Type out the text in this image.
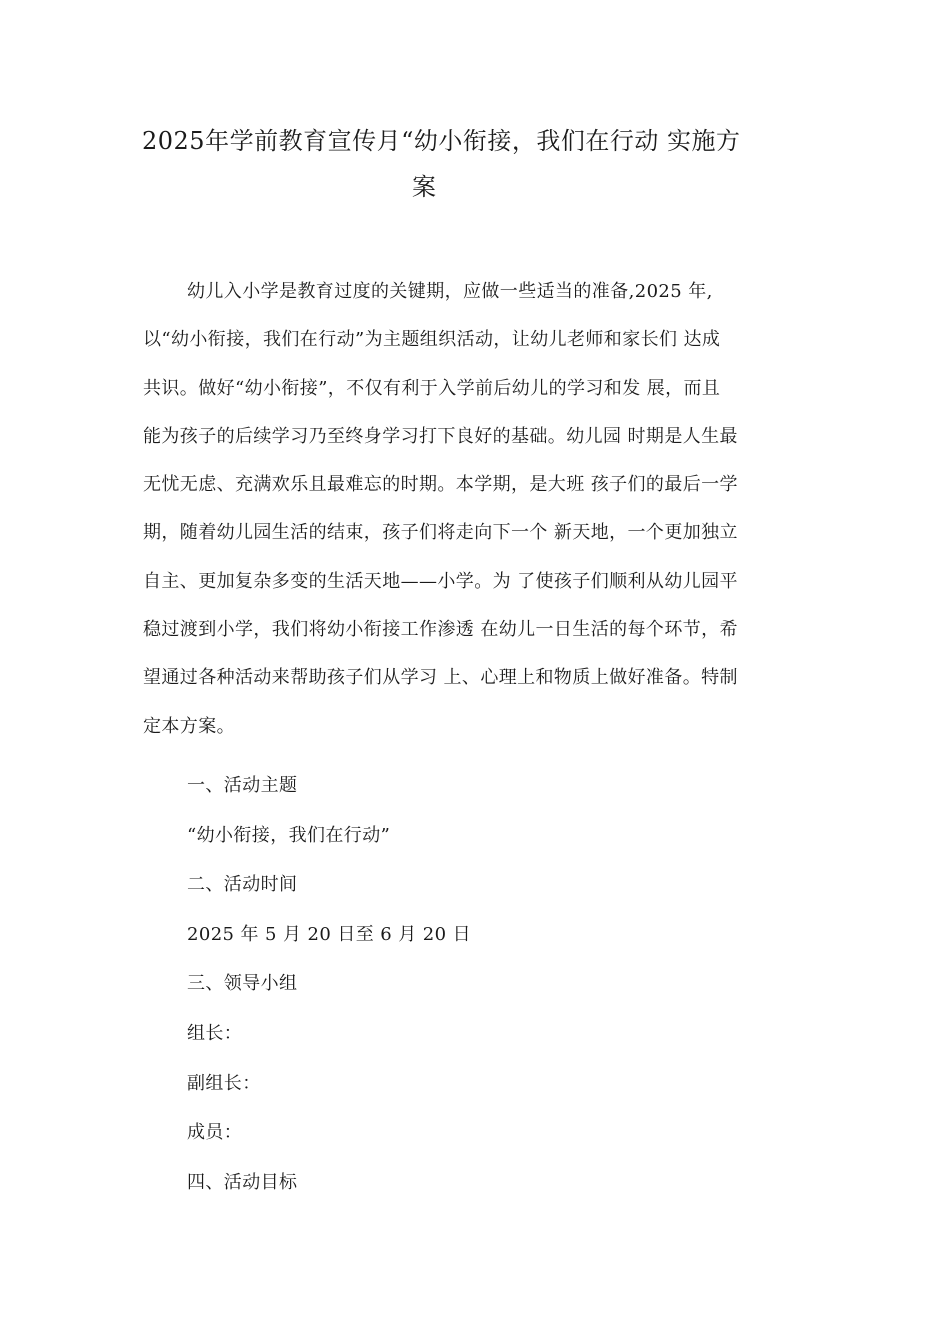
2025年学前教育宣传月“幼小衔接，我们在行动 实施方
案

幼儿入小学是教育过度的关键期，应做一些适当的准备,2025 年,
以“幼小衔接，我们在行动”为主题组织活动，让幼儿老师和家长们 达成
共识。做好“幼小衔接”，不仅有利于入学前后幼儿的学习和发 展，而且
能为孩子的后续学习乃至终身学习打下良好的基础。幼儿园 时期是人生最
无忧无虑、充满欢乐且最难忘的时期。本学期，是大班 孩子们的最后一学
期，随着幼儿园生活的结束，孩子们将走向下一个 新天地，一个更加独立
自主、更加复杂多变的生活天地——小学。为 了使孩子们顺利从幼儿园平
稳过渡到小学，我们将幼小衔接工作渗透 在幼儿一日生活的每个环节，希
望通过各种活动来帮助孩子们从学习 上、心理上和物质上做好准备。特制
定本方案。

一、活动主题
“幼小衔接，我们在行动”
二、活动时间
2025 年 5 月 20 日至 6 月 20 日
三、领导小组
组长：
副组长：
成员：
四、活动目标
